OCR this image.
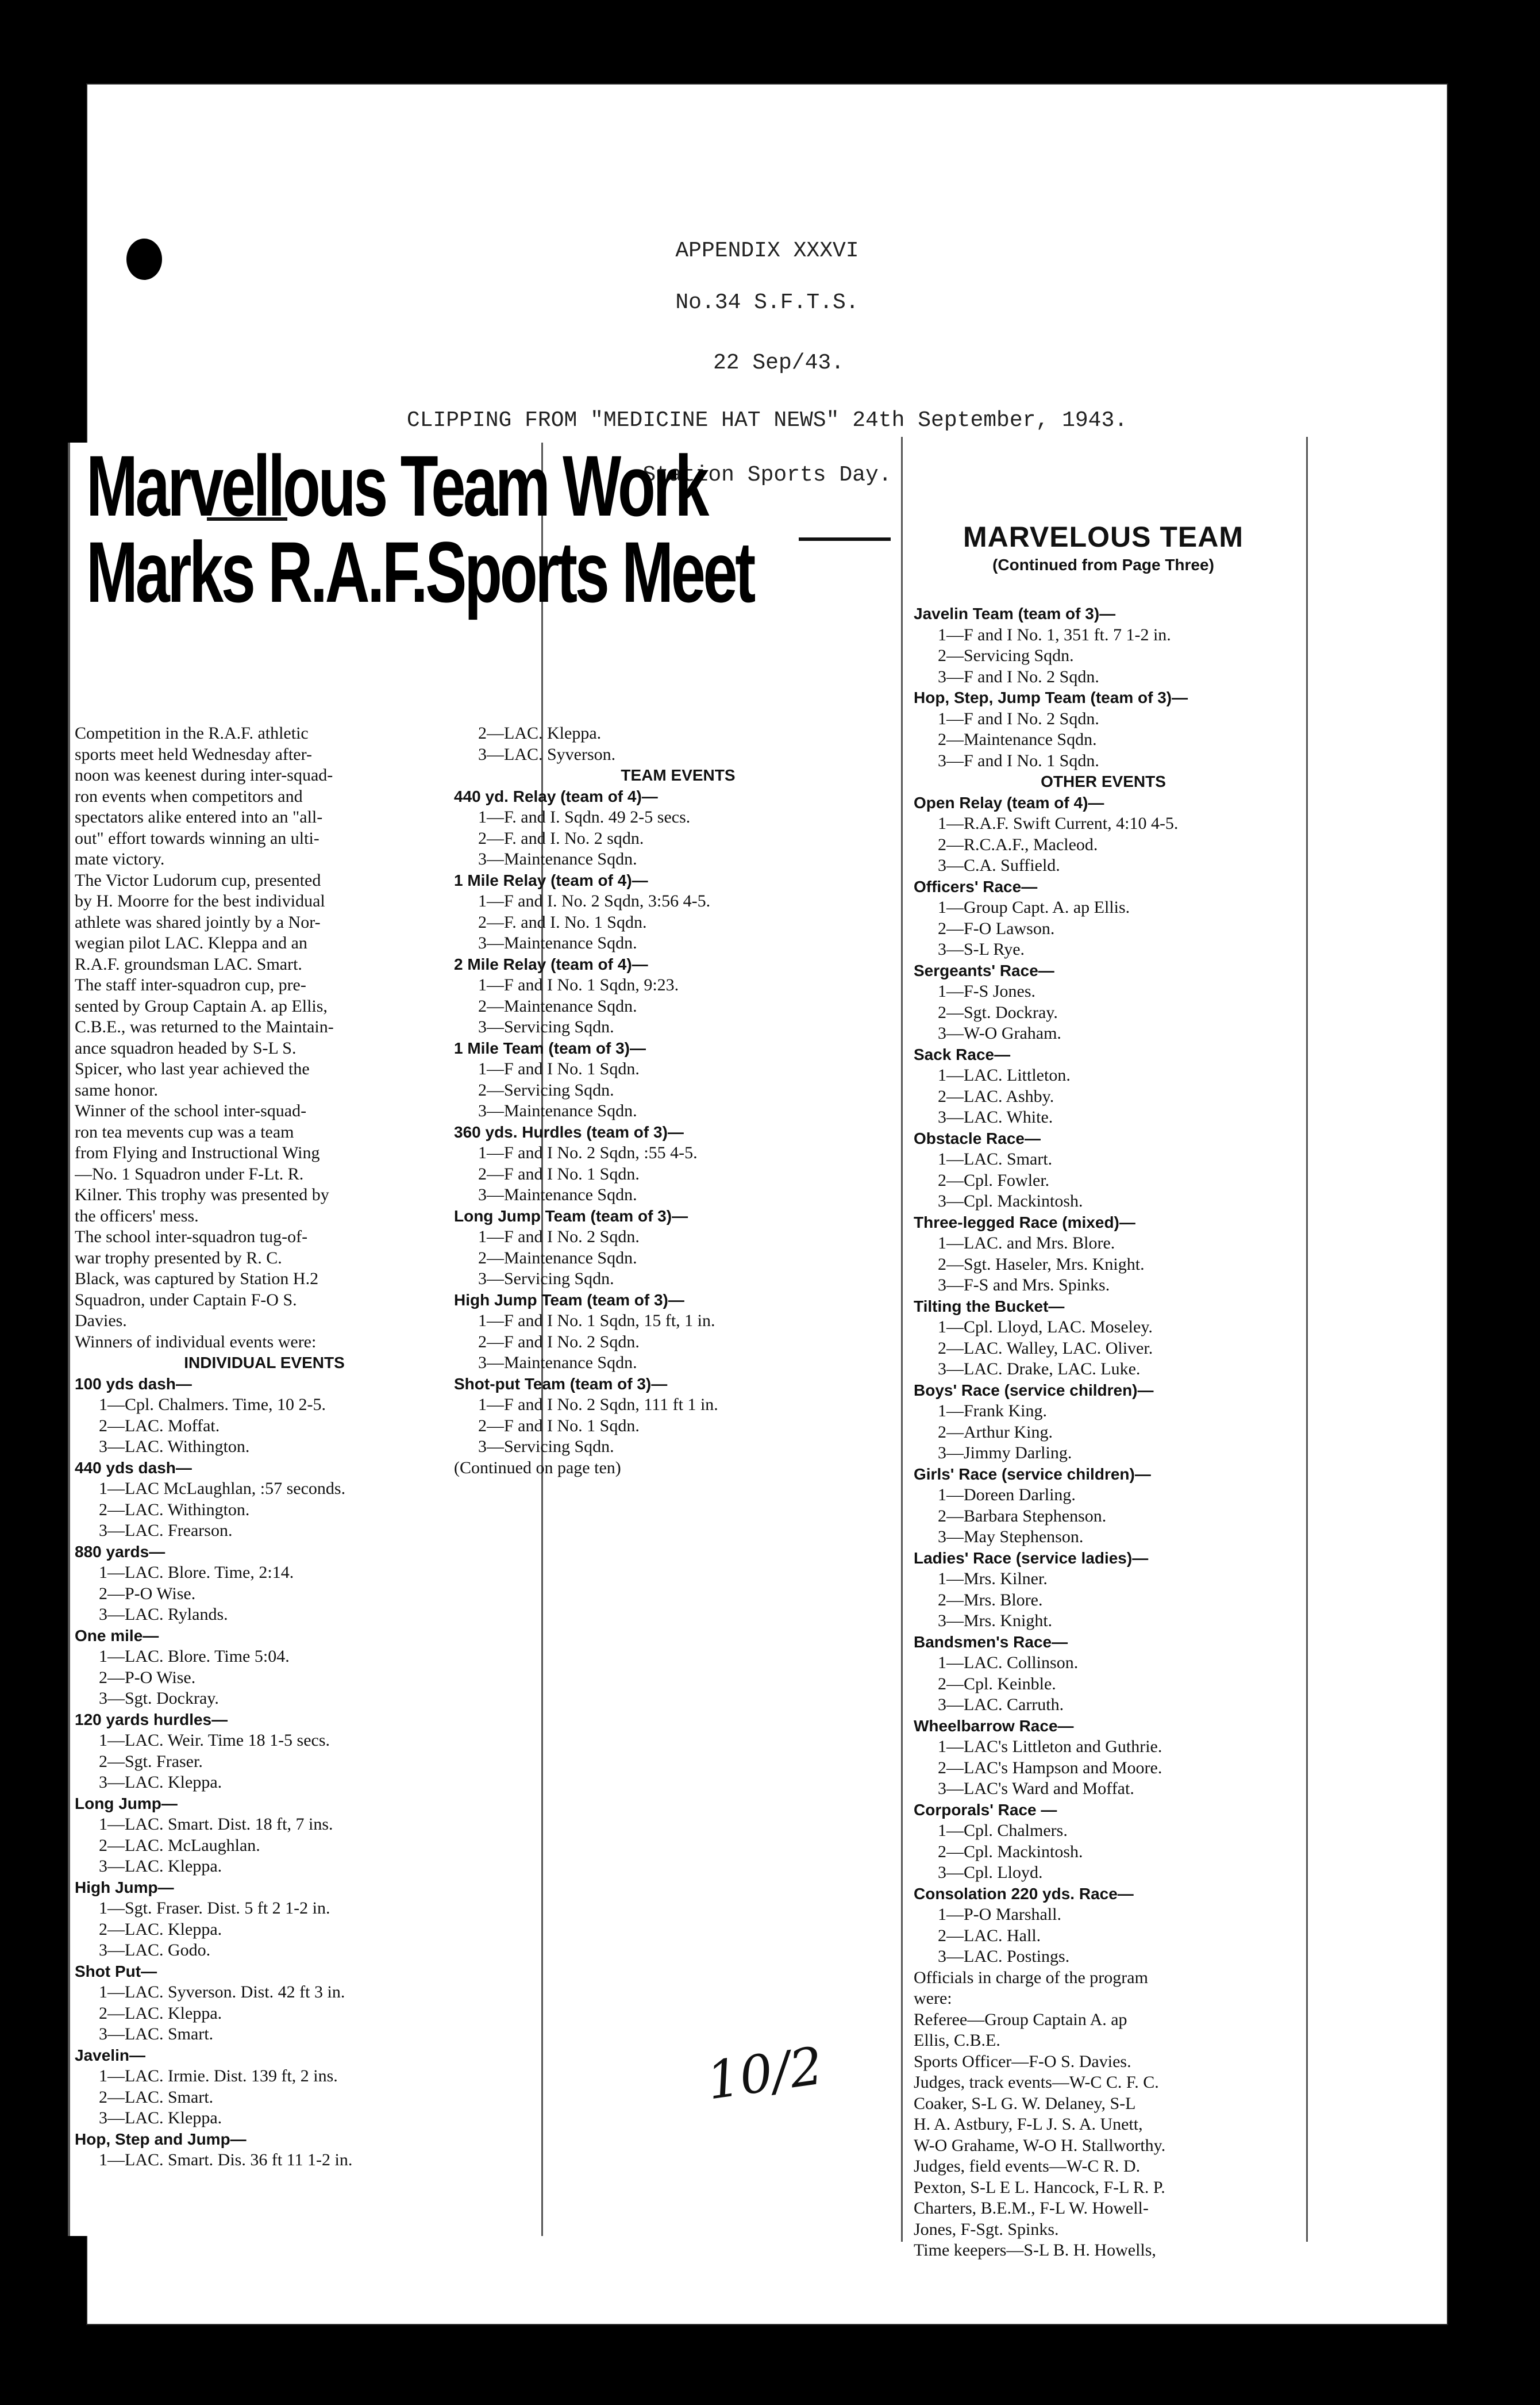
APPENDIX XXXVI
No.34 S.F.T.S.
22 Sep/43.
CLIPPING FROM "MEDICINE HAT NEWS" 24th September, 1943.
Station Sports Day.
Marvellous Team Work
Marks R.A.F.Sports Meet
Competition in the R.A.F. athletic
sports meet held Wednesday after-
noon was keenest during inter-squad-
ron events when competitors and
spectators alike entered into an "all-
out" effort towards winning an ulti-
mate victory.
The Victor Ludorum cup, presented
by H. Moorre for the best individual
athlete was shared jointly by a Nor-
wegian pilot LAC. Kleppa and an
R.A.F. groundsman LAC. Smart.
The staff inter-squadron cup, pre-
sented by Group Captain A. ap Ellis,
C.B.E., was returned to the Maintain-
ance squadron headed by S-L S.
Spicer, who last year achieved the
same honor.
Winner of the school inter-squad-
ron tea mevents cup was a team
from Flying and Instructional Wing
—No. 1 Squadron under F-Lt. R.
Kilner. This trophy was presented by
the officers' mess.
The school inter-squadron tug-of-
war trophy presented by R. C.
Black, was captured by Station H.2
Squadron, under Captain F-O S.
Davies.
Winners of individual events were:
INDIVIDUAL EVENTS
100 yds dash—
1—Cpl. Chalmers. Time, 10 2-5.
2—LAC. Moffat.
3—LAC. Withington.
440 yds dash—
1—LAC McLaughlan, :57 seconds.
2—LAC. Withington.
3—LAC. Frearson.
880 yards—
1—LAC. Blore. Time, 2:14.
2—P-O Wise.
3—LAC. Rylands.
One mile—
1—LAC. Blore. Time 5:04.
2—P-O Wise.
3—Sgt. Dockray.
120 yards hurdles—
1—LAC. Weir. Time 18 1-5 secs.
2—Sgt. Fraser.
3—LAC. Kleppa.
Long Jump—
1—LAC. Smart. Dist. 18 ft, 7 ins.
2—LAC. McLaughlan.
3—LAC. Kleppa.
High Jump—
1—Sgt. Fraser. Dist. 5 ft 2 1-2 in.
2—LAC. Kleppa.
3—LAC. Godo.
Shot Put—
1—LAC. Syverson. Dist. 42 ft 3 in.
2—LAC. Kleppa.
3—LAC. Smart.
Javelin—
1—LAC. Irmie. Dist. 139 ft, 2 ins.
2—LAC. Smart.
3—LAC. Kleppa.
Hop, Step and Jump—
1—LAC. Smart. Dis. 36 ft 11 1-2 in.
2—LAC. Kleppa.
3—LAC. Syverson.
TEAM EVENTS
440 yd. Relay (team of 4)—
1—F. and I. Sqdn. 49 2-5 secs.
2—F. and I. No. 2 sqdn.
3—Maintenance Sqdn.
1 Mile Relay (team of 4)—
1—F and I. No. 2 Sqdn, 3:56 4-5.
2—F. and I. No. 1 Sqdn.
3—Maintenance Sqdn.
2 Mile Relay (team of 4)—
1—F and I No. 1 Sqdn, 9:23.
2—Maintenance Sqdn.
3—Servicing Sqdn.
1 Mile Team (team of 3)—
1—F and I No. 1 Sqdn.
2—Servicing Sqdn.
3—Maintenance Sqdn.
360 yds. Hurdles (team of 3)—
1—F and I No. 2 Sqdn, :55 4-5.
2—F and I No. 1 Sqdn.
3—Maintenance Sqdn.
Long Jump Team (team of 3)—
1—F and I No. 2 Sqdn.
2—Maintenance Sqdn.
3—Servicing Sqdn.
High Jump Team (team of 3)—
1—F and I No. 1 Sqdn, 15 ft, 1 in.
2—F and I No. 2 Sqdn.
3—Maintenance Sqdn.
Shot-put Team (team of 3)—
1—F and I No. 2 Sqdn, 111 ft 1 in.
2—F and I No. 1 Sqdn.
3—Servicing Sqdn.
(Continued on page ten)
MARVELOUS TEAM
(Continued from Page Three)
Javelin Team (team of 3)—
1—F and I No. 1, 351 ft. 7 1-2 in.
2—Servicing Sqdn.
3—F and I No. 2 Sqdn.
Hop, Step, Jump Team (team of 3)—
1—F and I No. 2 Sqdn.
2—Maintenance Sqdn.
3—F and I No. 1 Sqdn.
OTHER EVENTS
Open Relay (team of 4)—
1—R.A.F. Swift Current, 4:10 4-5.
2—R.C.A.F., Macleod.
3—C.A. Suffield.
Officers' Race—
1—Group Capt. A. ap Ellis.
2—F-O Lawson.
3—S-L Rye.
Sergeants' Race—
1—F-S Jones.
2—Sgt. Dockray.
3—W-O Graham.
Sack Race—
1—LAC. Littleton.
2—LAC. Ashby.
3—LAC. White.
Obstacle Race—
1—LAC. Smart.
2—Cpl. Fowler.
3—Cpl. Mackintosh.
Three-legged Race (mixed)—
1—LAC. and Mrs. Blore.
2—Sgt. Haseler, Mrs. Knight.
3—F-S and Mrs. Spinks.
Tilting the Bucket—
1—Cpl. Lloyd, LAC. Moseley.
2—LAC. Walley, LAC. Oliver.
3—LAC. Drake, LAC. Luke.
Boys' Race (service children)—
1—Frank King.
2—Arthur King.
3—Jimmy Darling.
Girls' Race (service children)—
1—Doreen Darling.
2—Barbara Stephenson.
3—May Stephenson.
Ladies' Race (service ladies)—
1—Mrs. Kilner.
2—Mrs. Blore.
3—Mrs. Knight.
Bandsmen's Race—
1—LAC. Collinson.
2—Cpl. Keinble.
3—LAC. Carruth.
Wheelbarrow Race—
1—LAC's Littleton and Guthrie.
2—LAC's Hampson and Moore.
3—LAC's Ward and Moffat.
Corporals' Race —
1—Cpl. Chalmers.
2—Cpl. Mackintosh.
3—Cpl. Lloyd.
Consolation 220 yds. Race—
1—P-O Marshall.
2—LAC. Hall.
3—LAC. Postings.
Officials in charge of the program
were:
Referee—Group Captain A. ap
Ellis, C.B.E.
Sports Officer—F-O S. Davies.
Judges, track events—W-C C. F. C.
Coaker, S-L G. W. Delaney, S-L
H. A. Astbury, F-L J. S. A. Unett,
W-O Grahame, W-O H. Stallworthy.
Judges, field events—W-C R. D.
Pexton, S-L E L. Hancock, F-L R. P.
Charters, B.E.M., F-L W. Howell-
Jones, F-Sgt. Spinks.
Time keepers—S-L B. H. Howells,
10/2
